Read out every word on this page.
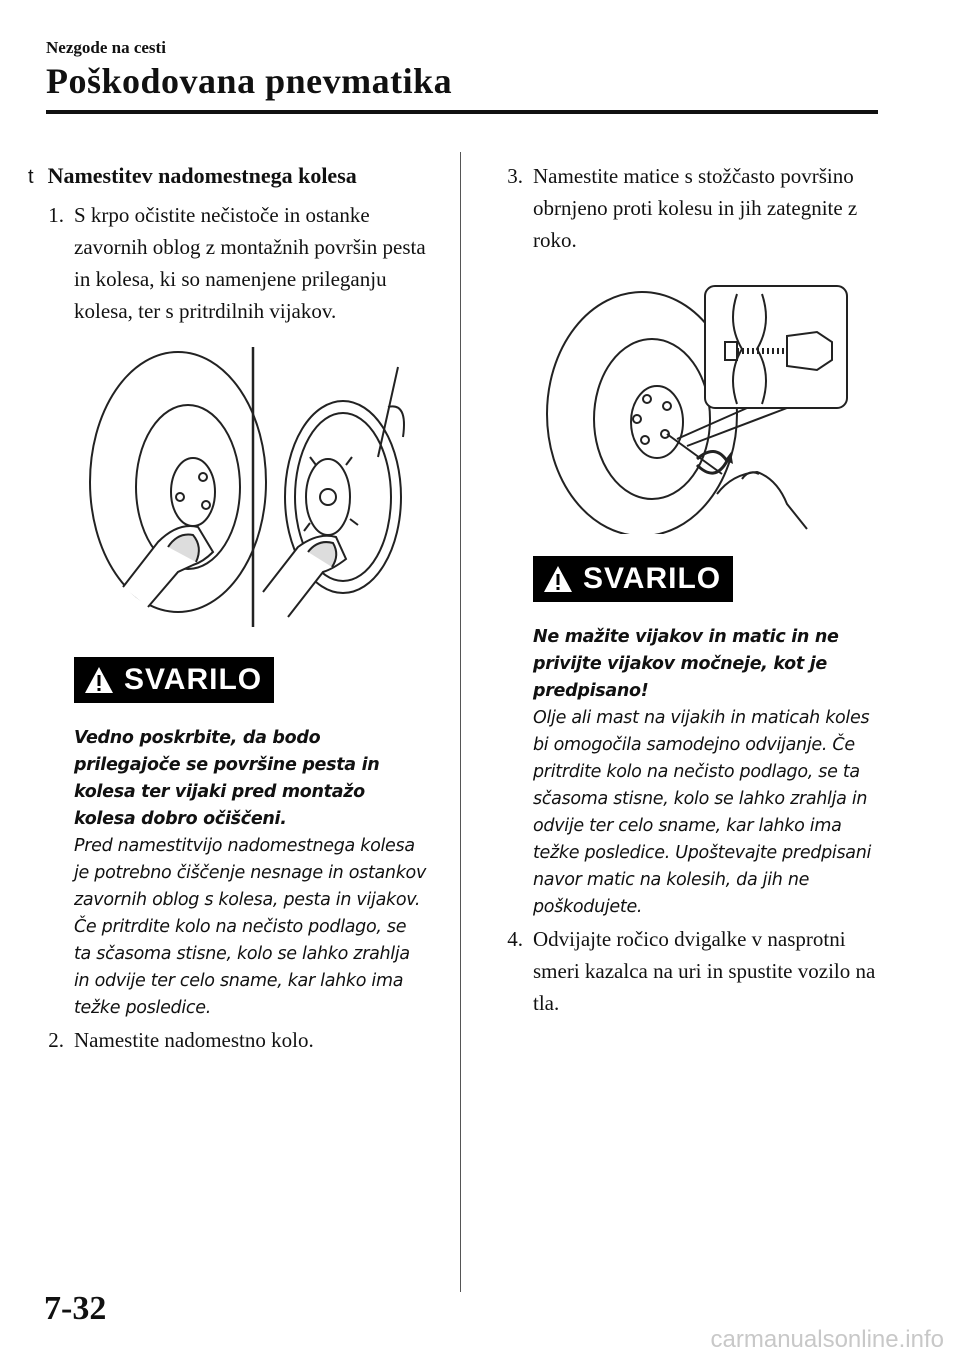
Nezgode na cesti
Poškodovana pnevmatika
t Namestitev nadomestnega kolesa
1. S krpo očistite nečistoče in ostanke zavornih oblog z montažnih površin pesta in kolesa, ki so namenjene prileganju kolesa, ter s pritrdilnih vijakov.
SVARILO
Vedno poskrbite, da bodo prilegajoče se površine pesta in kolesa ter vijaki pred montažo kolesa dobro očiščeni.
Pred namestitvijo nadomestnega kolesa je potrebno čiščenje nesnage in ostankov zavornih oblog s kolesa, pesta in vijakov. Če pritrdite kolo na nečisto podlago, se ta sčasoma stisne, kolo se lahko zrahlja in odvije ter celo sname, kar lahko ima težke posledice.
2. Namestite nadomestno kolo.
3. Namestite matice s stožčasto površino obrnjeno proti kolesu in jih zategnite z roko.
SVARILO
Ne mažite vijakov in matic in ne privijte vijakov močneje, kot je predpisano!
Olje ali mast na vijakih in maticah koles bi omogočila samodejno odvijanje. Če pritrdite kolo na nečisto podlago, se ta sčasoma stisne, kolo se lahko zrahlja in odvije ter celo sname, kar lahko ima težke posledice. Upoštevajte predpisani navor matic na kolesih, da jih ne poškodujete.
4. Odvijajte ročico dvigalke v nasprotni smeri kazalca na uri in spustite vozilo na tla.
7-32
carmanualsonline.info
